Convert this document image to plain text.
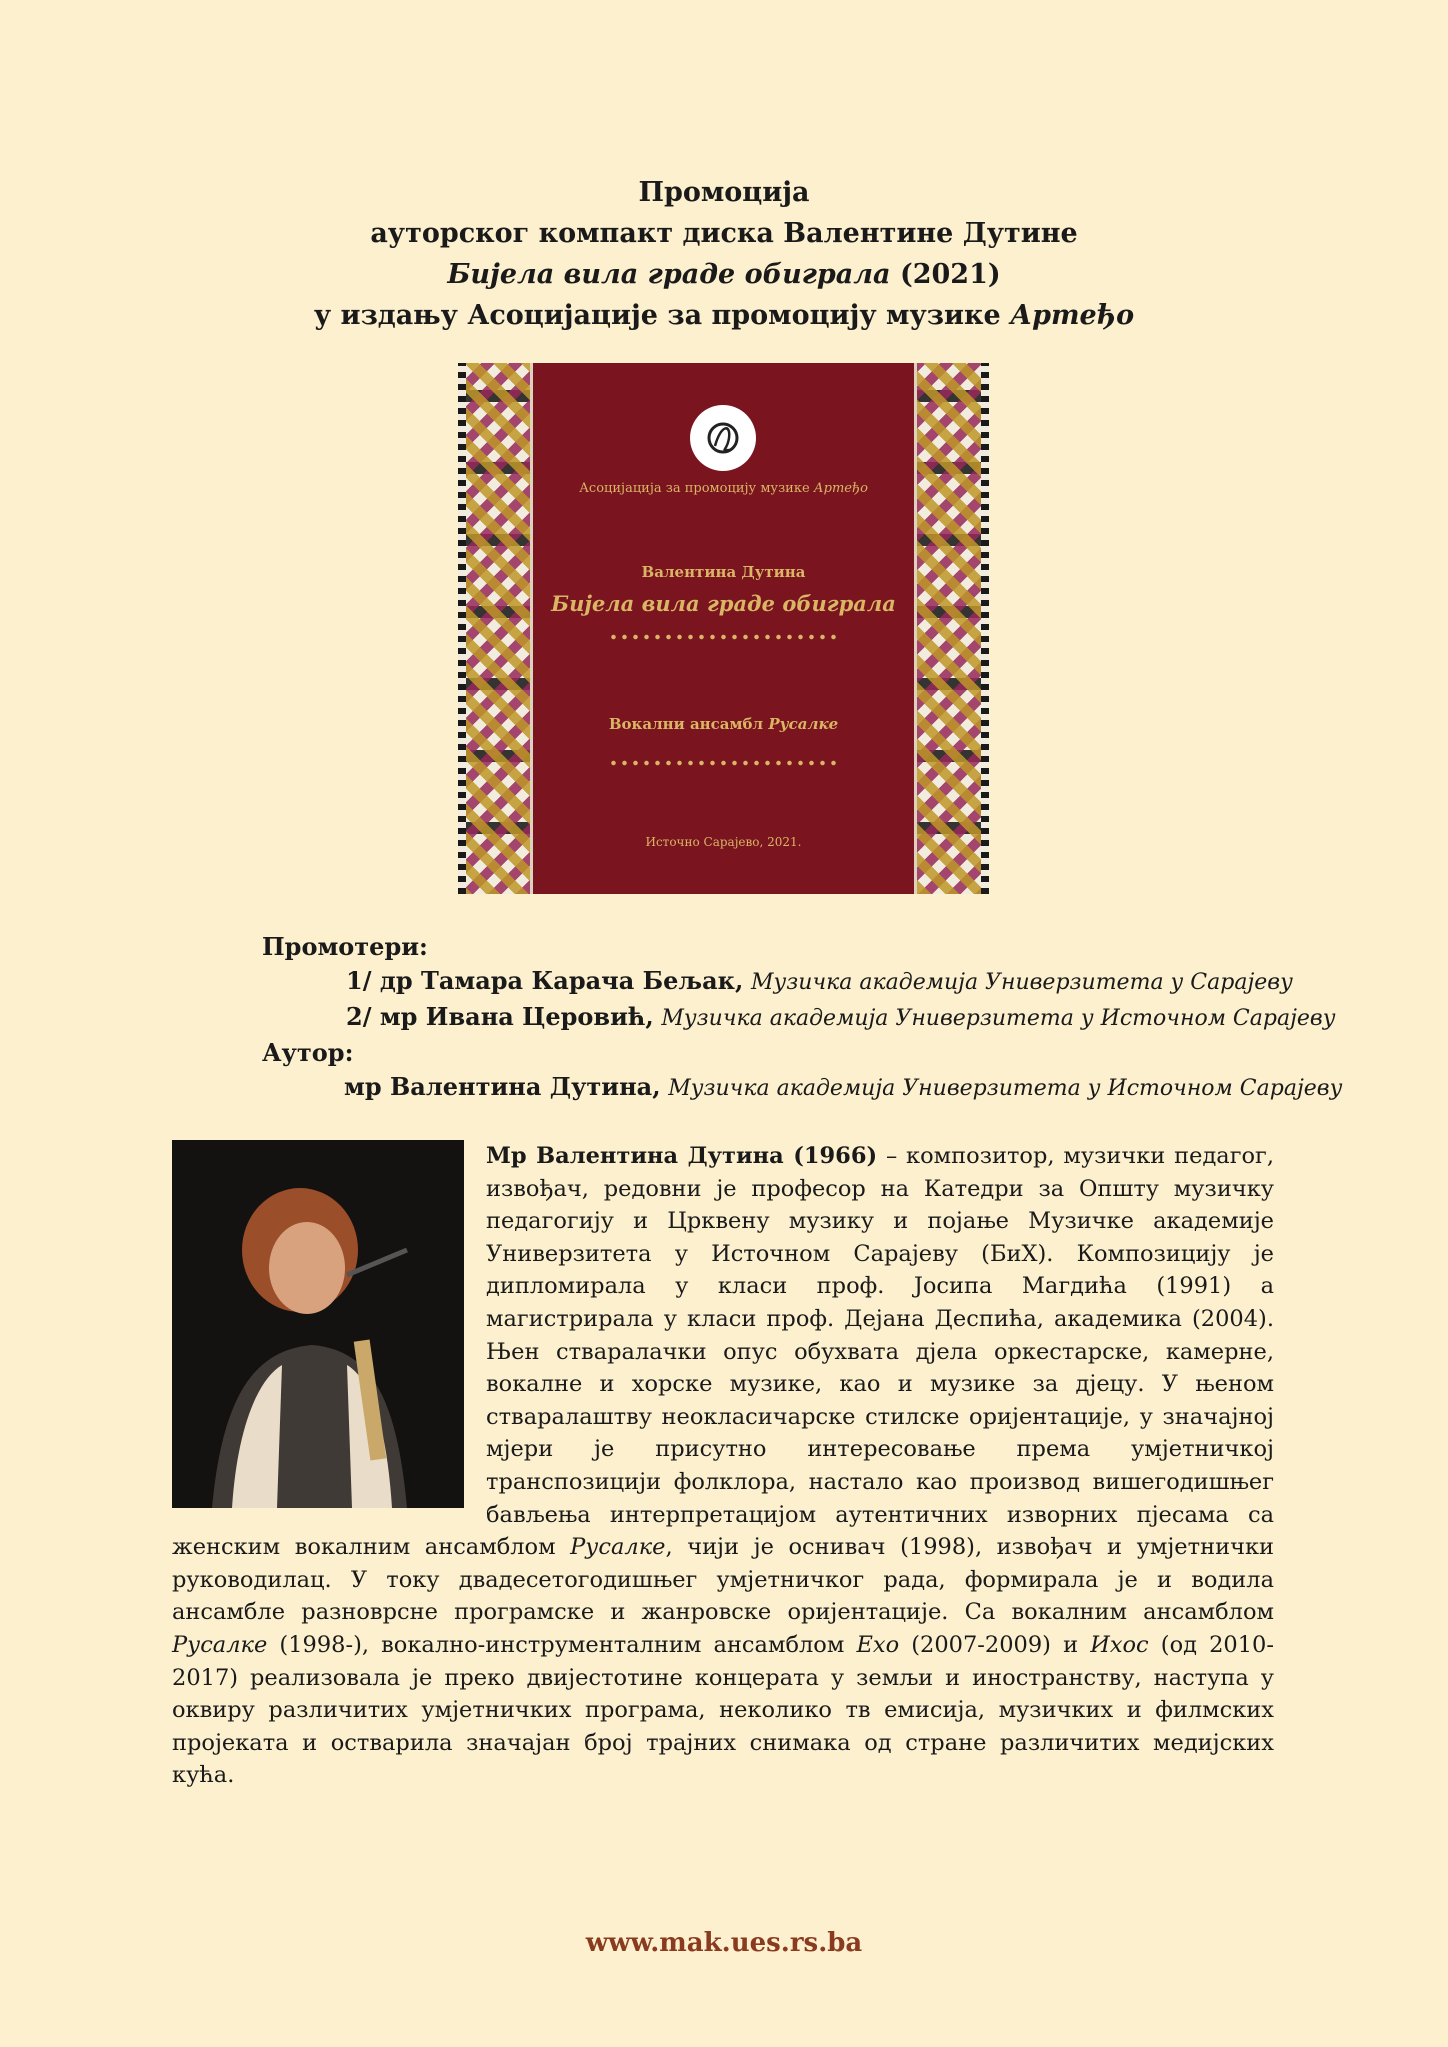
Промоција
ауторског компакт диска Валентине Дутине
Бијела вила граде обиграла (2021)
у издању Асоцијације за промоцију музике Артеђо
Асоцијација за промоцију музике Артеђо
Валентина Дутина
Бијела вила граде обиграла
Вокални ансамбл Русалке
Источно Сарајево, 2021.
Промотери:
1/ др Тамара Карача Бељак, Музичка академија Универзитета у Сарајеву
2/ мр Ивана Церовић, Музичка академија Универзитета у Источном Сарајеву
Аутор:
мр Валентина Дутина, Музичка академија Универзитета у Источном Сарајеву
Мр Валентина Дутина (1966) – композитор, музички педагог, извођач, редовни је професор на Катедри за Општу музичку педагогију и Црквену музику и појање Музичке академије Универзитета у Источном Сарајеву (БиХ). Композицију је дипломирала у класи проф. Јосипа Магдића (1991) а магистрирала у класи проф. Дејана Деспића, академика (2004). Њен стваралачки опус обухвата дјела оркестарске, камерне, вокалне и хорске музике, као и музике за дјецу. У њеном стваралаштву неокласичарске стилске оријентације, у значајној мјери је присутно интересовање према умјетничкој транспозицији фолклора, настало као производ вишегодишњег бављења интерпретацијом аутентичних изворних пјесама са женским вокалним ансамблом Русалке, чији је оснивач (1998), извођач и умјетнички руководилац. У току двадесетогодишњег умјетничког рада, формирала је и водила ансамбле разноврсне програмске и жанровске оријентације. Са вокалним ансамблом Русалке (1998-), вокално-инструменталним ансамблом Ехо (2007-2009) и Ихос (од 2010-2017) реализовала је преко двијестотине концерата у земљи и иностранству, наступа у оквиру различитих умјетничких програма, неколико тв емисија, музичких и филмских пројеката и остварила значајан број трајних снимака од стране различитих медијских кућа.
www.mak.ues.rs.ba
